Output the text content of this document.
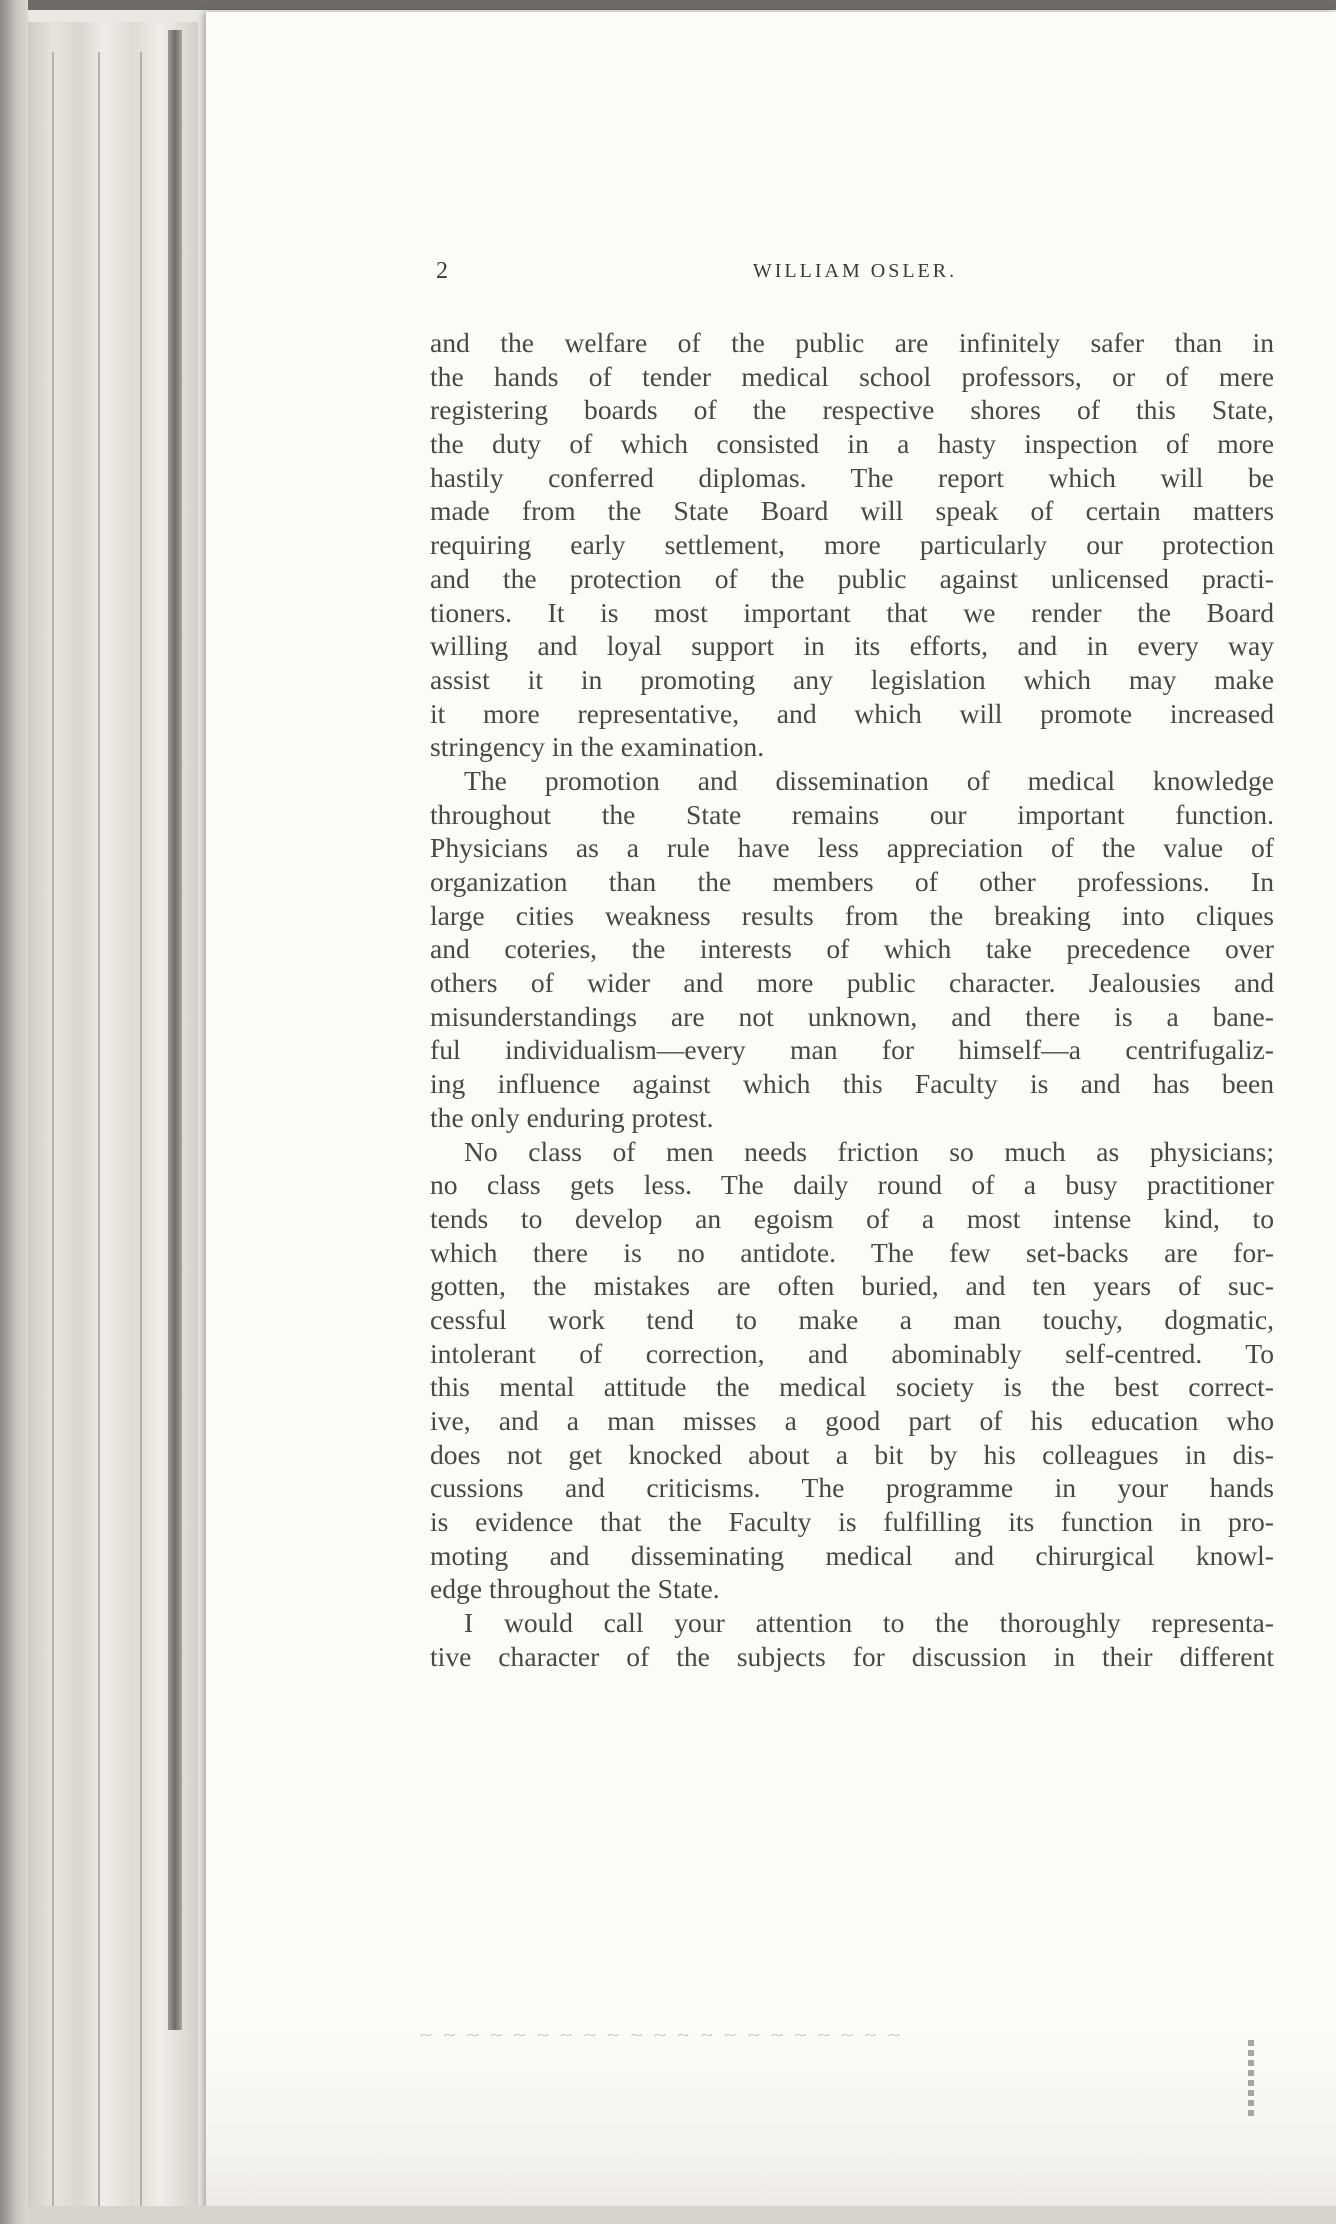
~ ~ ~ ~ ~ ~ ~ ~ ~ ~ ~ ~ ~ ~ ~ ~ ~ ~ ~ ~ ~
2	WILLIAM OSLER.
and the welfare of the public are infinitely safer than in
the hands of tender medical school professors, or of mere
registering boards of the respective shores of this State,
the duty of which consisted in a hasty inspection of more
hastily conferred diplomas. The report which will be
made from the State Board will speak of certain matters
requiring early settlement, more particularly our protection
and the protection of the public against unlicensed practi-
tioners. It is most important that we render the Board
willing and loyal support in its efforts, and in every way
assist it in promoting any legislation which may make
it more representative, and which will promote increased
stringency in the examination.
The promotion and dissemination of medical knowledge
throughout the State remains our important function.
Physicians as a rule have less appreciation of the value of
organization than the members of other professions. In
large cities weakness results from the breaking into cliques
and coteries, the interests of which take precedence over
others of wider and more public character. Jealousies and
misunderstandings are not unknown, and there is a bane-
ful individualism—every man for himself—a centrifugaliz-
ing influence against which this Faculty is and has been
the only enduring protest.
No class of men needs friction so much as physicians;
no class gets less. The daily round of a busy practitioner
tends to develop an egoism of a most intense kind, to
which there is no antidote. The few set-backs are for-
gotten, the mistakes are often buried, and ten years of suc-
cessful work tend to make a man touchy, dogmatic,
intolerant of correction, and abominably self-centred. To
this mental attitude the medical society is the best correct-
ive, and a man misses a good part of his education who
does not get knocked about a bit by his colleagues in dis-
cussions and criticisms. The programme in your hands
is evidence that the Faculty is fulfilling its function in pro-
moting and disseminating medical and chirurgical knowl-
edge throughout the State.
I would call your attention to the thoroughly representa-
tive character of the subjects for discussion in their different
